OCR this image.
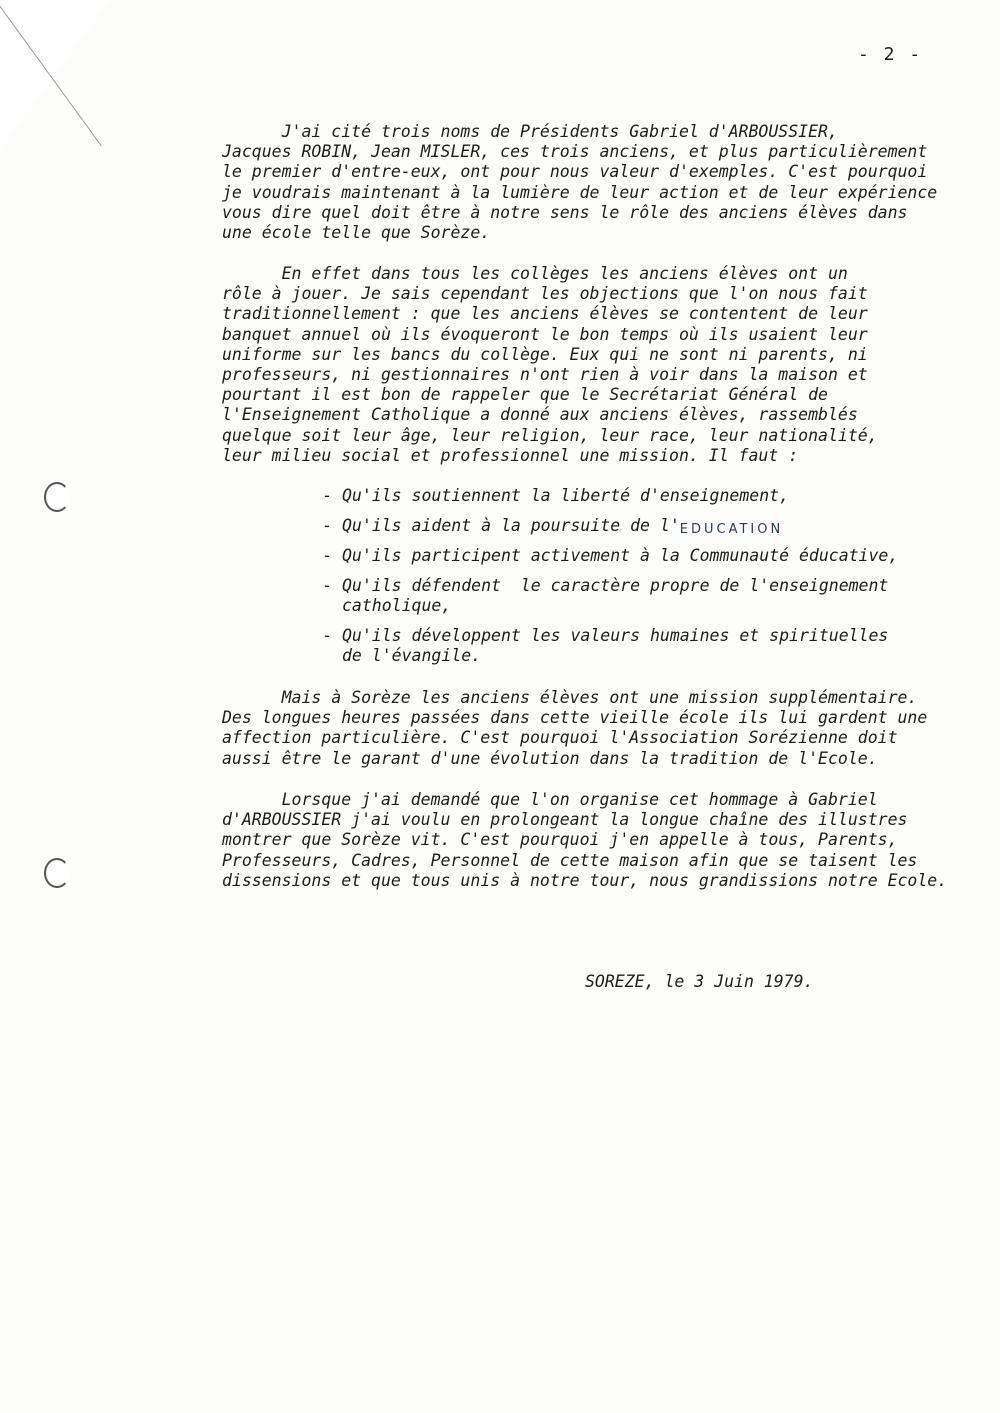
- 2 -

J'ai cité trois noms de Présidents Gabriel d'ARBOUSSIER,
Jacques ROBIN, Jean MISLER, ces trois anciens, et plus particulièrement
le premier d'entre-eux, ont pour nous valeur d'exemples. C'est pourquoi
je voudrais maintenant à la lumière de leur action et de leur expérience
vous dire quel doit être à notre sens le rôle des anciens élèves dans
une école telle que Sorèze.

En effet dans tous les collèges les anciens élèves ont un
rôle à jouer. Je sais cependant les objections que l'on nous fait
traditionnellement : que les anciens élèves se contentent de leur
banquet annuel où ils évoqueront le bon temps où ils usaient leur
uniforme sur les bancs du collège. Eux qui ne sont ni parents, ni
professeurs, ni gestionnaires n'ont rien à voir dans la maison et
pourtant il est bon de rappeler que le Secrétariat Général de
l'Enseignement Catholique a donné aux anciens élèves, rassemblés
quelque soit leur âge, leur religion, leur race, leur nationalité,
leur milieu social et professionnel une mission. Il faut :

- Qu'ils soutiennent la liberté d'enseignement,
- Qu'ils aident à la poursuite de l'EDUCATION
- Qu'ils participent activement à la Communauté éducative,
- Qu'ils défendent  le caractère propre de l'enseignement
catholique,
- Qu'ils développent les valeurs humaines et spirituelles
de l'évangile.

Mais à Sorèze les anciens élèves ont une mission supplémentaire.
Des longues heures passées dans cette vieille école ils lui gardent une
affection particulière. C'est pourquoi l'Association Sorézienne doit
aussi être le garant d'une évolution dans la tradition de l'Ecole.

Lorsque j'ai demandé que l'on organise cet hommage à Gabriel
d'ARBOUSSIER j'ai voulu en prolongeant la longue chaîne des illustres
montrer que Sorèze vit. C'est pourquoi j'en appelle à tous, Parents,
Professeurs, Cadres, Personnel de cette maison afin que se taisent les
dissensions et que tous unis à notre tour, nous grandissions notre Ecole.

SOREZE, le 3 Juin 1979.
